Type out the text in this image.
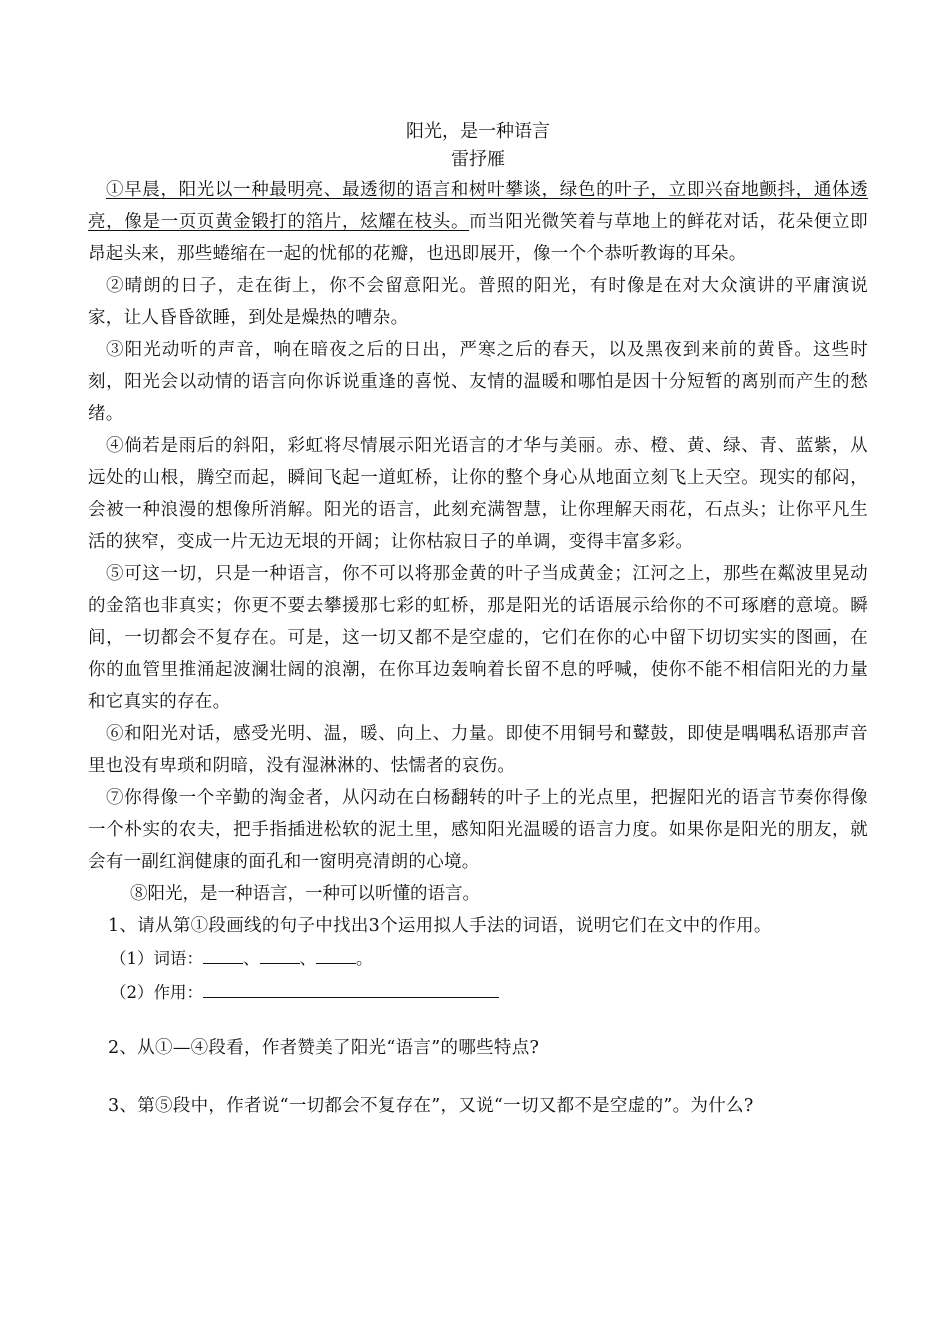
阳光，是一种语言

雷抒雁

①早晨，阳光以一种最明亮、最透彻的语言和树叶攀谈，绿色的叶子，立即兴奋地颤抖，通体透亮，像是一页页黄金锻打的箔片，炫耀在枝头。而当阳光微笑着与草地上的鲜花对话，花朵便立即昂起头来，那些蜷缩在一起的忧郁的花瓣，也迅即展开，像一个个恭听教诲的耳朵。

②晴朗的日子，走在街上，你不会留意阳光。普照的阳光，有时像是在对大众演讲的平庸演说家，让人昏昏欲睡，到处是燥热的嘈杂。

③阳光动听的声音，响在暗夜之后的日出，严寒之后的春天，以及黑夜到来前的黄昏。这些时刻，阳光会以动情的语言向你诉说重逢的喜悦、友情的温暖和哪怕是因十分短暂的离别而产生的愁绪。

④倘若是雨后的斜阳，彩虹将尽情展示阳光语言的才华与美丽。赤、橙、黄、绿、青、蓝紫，从远处的山根，腾空而起，瞬间飞起一道虹桥，让你的整个身心从地面立刻飞上天空。现实的郁闷，会被一种浪漫的想像所消解。阳光的语言，此刻充满智慧，让你理解天雨花，石点头；让你平凡生活的狭窄，变成一片无边无垠的开阔；让你枯寂日子的单调，变得丰富多彩。

⑤可这一切，只是一种语言，你不可以将那金黄的叶子当成黄金；江河之上，那些在粼波里晃动的金箔也非真实；你更不要去攀援那七彩的虹桥，那是阳光的话语展示给你的不可琢磨的意境。瞬间，一切都会不复存在。可是，这一切又都不是空虚的，它们在你的心中留下切切实实的图画，在你的血管里推涌起波澜壮阔的浪潮，在你耳边轰响着长留不息的呼喊，使你不能不相信阳光的力量和它真实的存在。

⑥和阳光对话，感受光明、温，暖、向上、力量。即使不用铜号和鼙鼓，即使是喁喁私语那声音里也没有卑琐和阴暗，没有湿淋淋的、怯懦者的哀伤。

⑦你得像一个辛勤的淘金者，从闪动在白杨翻转的叶子上的光点里，把握阳光的语言节奏你得像一个朴实的农夫，把手指插进松软的泥土里，感知阳光温暖的语言力度。如果你是阳光的朋友，就会有一副红润健康的面孔和一窗明亮清朗的心境。

⑧阳光，是一种语言，一种可以听懂的语言。

1、请从第①段画线的句子中找出3个运用拟人手法的词语，说明它们在文中的作用。

（1）词语： 、 、 。

（2）作用：

2、从①—④段看，作者赞美了阳光“语言”的哪些特点?

3、第⑤段中，作者说“一切都会不复存在”，又说“一切又都不是空虚的”。为什么?
